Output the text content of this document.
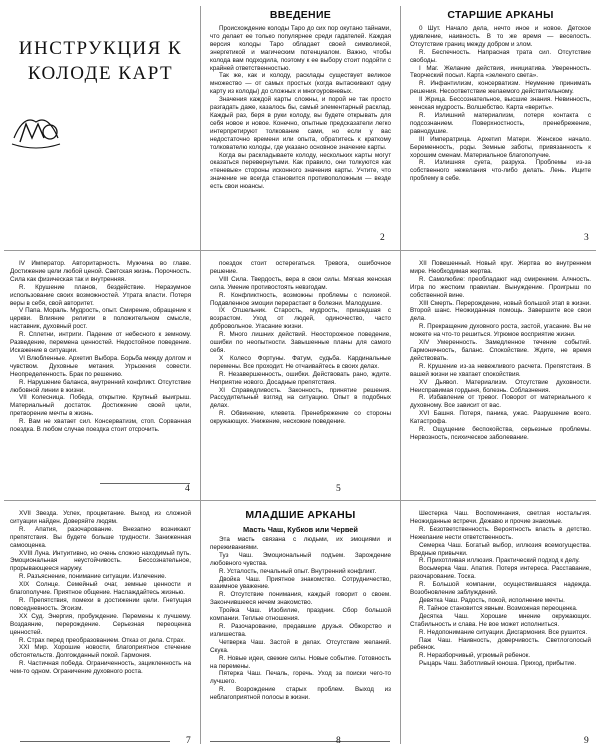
ИНСТРУКЦИЯ К КОЛОДЕ КАРТ
ВВЕДЕНИЕ

Происхождение колоды Таро до сих пор окутано тайнами, что делает ее только популярнее среди гадателей. Каждая версия колоды Таро обладает своей символикой, энергетикой и магическим потенциалом. Важно, чтобы колода вам подходила, поэтому к ее выбору стоит подойти с крайней ответственностью.

Так же, как и колоду, расклады существует великое множество — от самых простых (когда вытаскивают одну карту из колоды) до сложных и многоуровневых.

Значения каждой карты сложны, и порой не так просто разгадать даже, казалось бы, самый элементарный расклад. Каждый раз, беря в руки колоду, вы будете открывать для себя новое и новое. Конечно, опытные предсказатели легко интерпретируют толкование сами, но если у вас недостаточно времени или опыта, обратитесь к краткому толкователю колоды, где указано основное значение карты.

Когда вы раскладываете колоду, нескольких карты могут оказаться перевернутыми. Как правило, они толкуются как «теневые» стороны исконного значения карты. Учтите, что значение не всегда становится противоположным — везде есть свои нюансы.

2
СТАРШИЕ АРКАНЫ

0 Шут. Начало дела, нечто иное и новое. Детское удивление, наивность. В то же время — веселость. Отсутствие границ между добром и злом.

R. Беспечность. Напрасная трата сил. Отсутствие свободы.

I Маг. Желание действия, инициатива. Уверенность. Творческий посыл. Карта «зеленого света».

R. Инфантилизм, консерватизм. Неумение принимать решения. Несоответствие желаемого действительному.

II Жрица. Бессознательное, высшие знания. Невинность, женская мудрость. Волшебство. Карта «верить».

R. Излишний материализм, потеря контакта с подсознанием. Поверхностность, пренебрежение, равнодушие.

III Императрица. Архетип Матери. Женское начало. Беременность, роды. Земные заботы, привязанность к хорошим сменам. Материальное благополучие.

R. Излишняя суета, разруха. Проблемы из-за собственного нежелания что-либо делать. Лень. Ищите проблему в себе.

3

IV Император. Авторитарность. Мужчина во главе. Достижение цели любой ценой. Светская жизнь. Порочность. Сила как физическая так и внутренняя.

R. Крушение планов, бездействие. Неразумное использование своих возможностей. Утрата власти. Потеря веры в себя, свой авторитет.

V Папа. Мораль. Мудрость, опыт. Смирение, обращение к церкви. Влияние религии в положительном смысле, наставник, духовный рост.

R. Сплетни, интриги. Падение от небесного к земному. Разведение, перемена ценностей. Недостойное поведение. Искажение в ситуации.

VI Влюбленные. Архетип Выбора. Борьба между долгом и чувством. Духовные метания. Угрызения совести. Неопределенность. Брак по решению.

R. Нарушение баланса, внутренний конфликт. Отсутствие любовной линии в жизни.

VII Колесница. Победа, открытие. Крупный выигрыш. Материальный достаток. Достижение своей цели, претворение мечты в жизнь.

R. Вам не хватает сил. Консерватизм, стоп. Сорванная поездка. В любом случае поездка стоит отсрочить.

4

поездок стоит остерегаться. Тревога, ошибочное решение.

VIII Сила. Твердость, вера в свои силы. Мягкая женская сила. Умение противостоять невзгодам.

R. Конфликтность, возможны проблемы с психикой. Подавленное эмоции перерастает в болезни. Малодушие.

IX Отшельник. Старость, мудрость, пришедшая с возрастом. Уход от людей, одиночество, часто добровольное. Угасание жизни.

R. Много лишних действий. Неосторожное поведение, ошибки по неопытности. Завышенные планы для самого себя.

X Колесо Фортуны. Фатум, судьба. Кардинальные перемены. Все проходит. Не отчаивайтесь в своих делах.

R. Незавершенность, ошибки. Действовать рано, ждите. Неприятие нового. Досадные препятствия.

XI Справедливость. Законность, принятие решения. Рассудительный взгляд на ситуацию. Опыт в подобных делах.

R. Обвинение, клевета. Пренебрежение со стороны окружающих. Унижение, несхожие поведение.

5

XII Повешенный. Новый круг. Жертва во внутреннем мире. Необходимая жертва.

R. Самолюбие: преобладают над смирением. Алчность. Игра по жестким правилам. Вынуждение. Проигрыш по собственной вине.

XIII Смерть. Перерождение, новый большой этап в жизни. Второй шанс. Неожиданная помощь. Завершите все свои дела.

R. Прекращение духовного роста, застой, угасание. Вы не можете на что-то решиться. Угрюмое восприятие жизни.

XIV Умеренность. Замедленное течение событий. Гармоничность, баланс. Спокойствие. Ждите, не время действовать.

R. Крушение из-за невежливого расчета. Препятствия. В вашей жизни не хватает спокойствия.

XV Дьявол. Материализм. Отсутствие духовности. Неисправимая гордыня, болезнь. Соблазнения.

R. Избавление от тревог. Поворот от материального к духовному. Все зависит от вас.

XVI Башня. Потеря, паника, ужас. Разрушение всего. Катастрофа.

R. Ощущение беспокойства, серьезные проблемы. Нервозность, психическое заболевание.

XVII Звезда. Успех, процветание. Выход из сложной ситуации найден. Доверяйте людям.

R. Апатия, разочарование. Внезапно возникают препятствия. Вы будете больше трудности. Заниженная самооценка.

XVIII Луна. Интуитивно, но очень сложно находимый путь. Эмоциональная неустойчивость. Бессознательное, прорывающееся наружу.

R. Разъяснение, понимание ситуации. Излечение.

XIX Солнце. Семейный очаг, земные ценности и благополучие. Приятное общение. Наслаждайтесь жизнью.

R. Препятствия, помехи в достижении цели. Гнетущая повседневность. Эгоизм.

XX Суд. Энергия, пробуждение. Перемены к лучшему. Воздаяние, перерождение. Серьезная переоценка ценностей.

R. Страх перед преобразованием. Отказ от дела. Страх.

XXI Мир. Хорошие новости, благоприятное стечение обстоятельств. Долгожданный покой. Гармония.

R. Частичная победа. Ограниченность, зацикленность на чем-то одном. Ограничение духовного роста.

7
МЛАДШИЕ АРКАНЫ
Масть Чаш, Кубков или Червей

Эта масть связана с людьми, их эмоциями и переживаниями.

Туз Чаш. Эмоциональный подъем. Зарождение любовного чувства.

R. Усталость, печальный опыт. Внутренний конфликт.

Двойка Чаш. Приятное знакомство. Сотрудничество, взаимное уважение.

R. Отсутствие понимания, каждый говорит о своем. Закончившееся нечем знакомство.

Тройка Чаш. Изобилие, праздник. Сбор большой компании. Теплые отношения.

R. Разочарование, предавшие друзья. Обжорство и излишества.

Четверка Чаш. Застой в делах. Отсутствие желаний. Скука.

R. Новые идеи, свежие силы. Новые событие. Готовность на перемены.

Пятерка Чаш. Печаль, горечь. Уход за поиски чего-то лучшего.

R. Возрождение старых проблем. Выход из неблагоприятной полосы в жизни.

8

Шестерка Чаш. Воспоминания, светлая ностальгия. Неожиданные встречи. Дежавю и прочие знакомые.

R. Безответственность. Вероятность власть в детство. Нежелание нести ответственность.

Семерка Чаш. Богатый выбор, иллюзия всемогущества. Вредные привычки.

R. Прихотливая иллюзия. Практический подход к делу.

Восьмерка Чаш. Апатия. Потеря интереса. Расставание, разочарование. Тоска.

R. Большой компании, осуществившаяся надежда. Возобновление заблуждений.

Девятка Чаш. Радость, покой, исполнение мечты.

R. Тайное становится явным. Возможная переоценка.

Десятка Чаш. Хорошие мнение окружающих. Стабильность и слава. Не вое может исполниться.

R. Недопонимание ситуации. Дисгармония. Все рушится.

Паж Чаш. Наивность, доверчивость. Светлоголосый ребенок.

R. Неразборчивый, угрюмый ребенок.

Рыцарь Чаш. Заботливый юноша. Приход, прибытие.

9
